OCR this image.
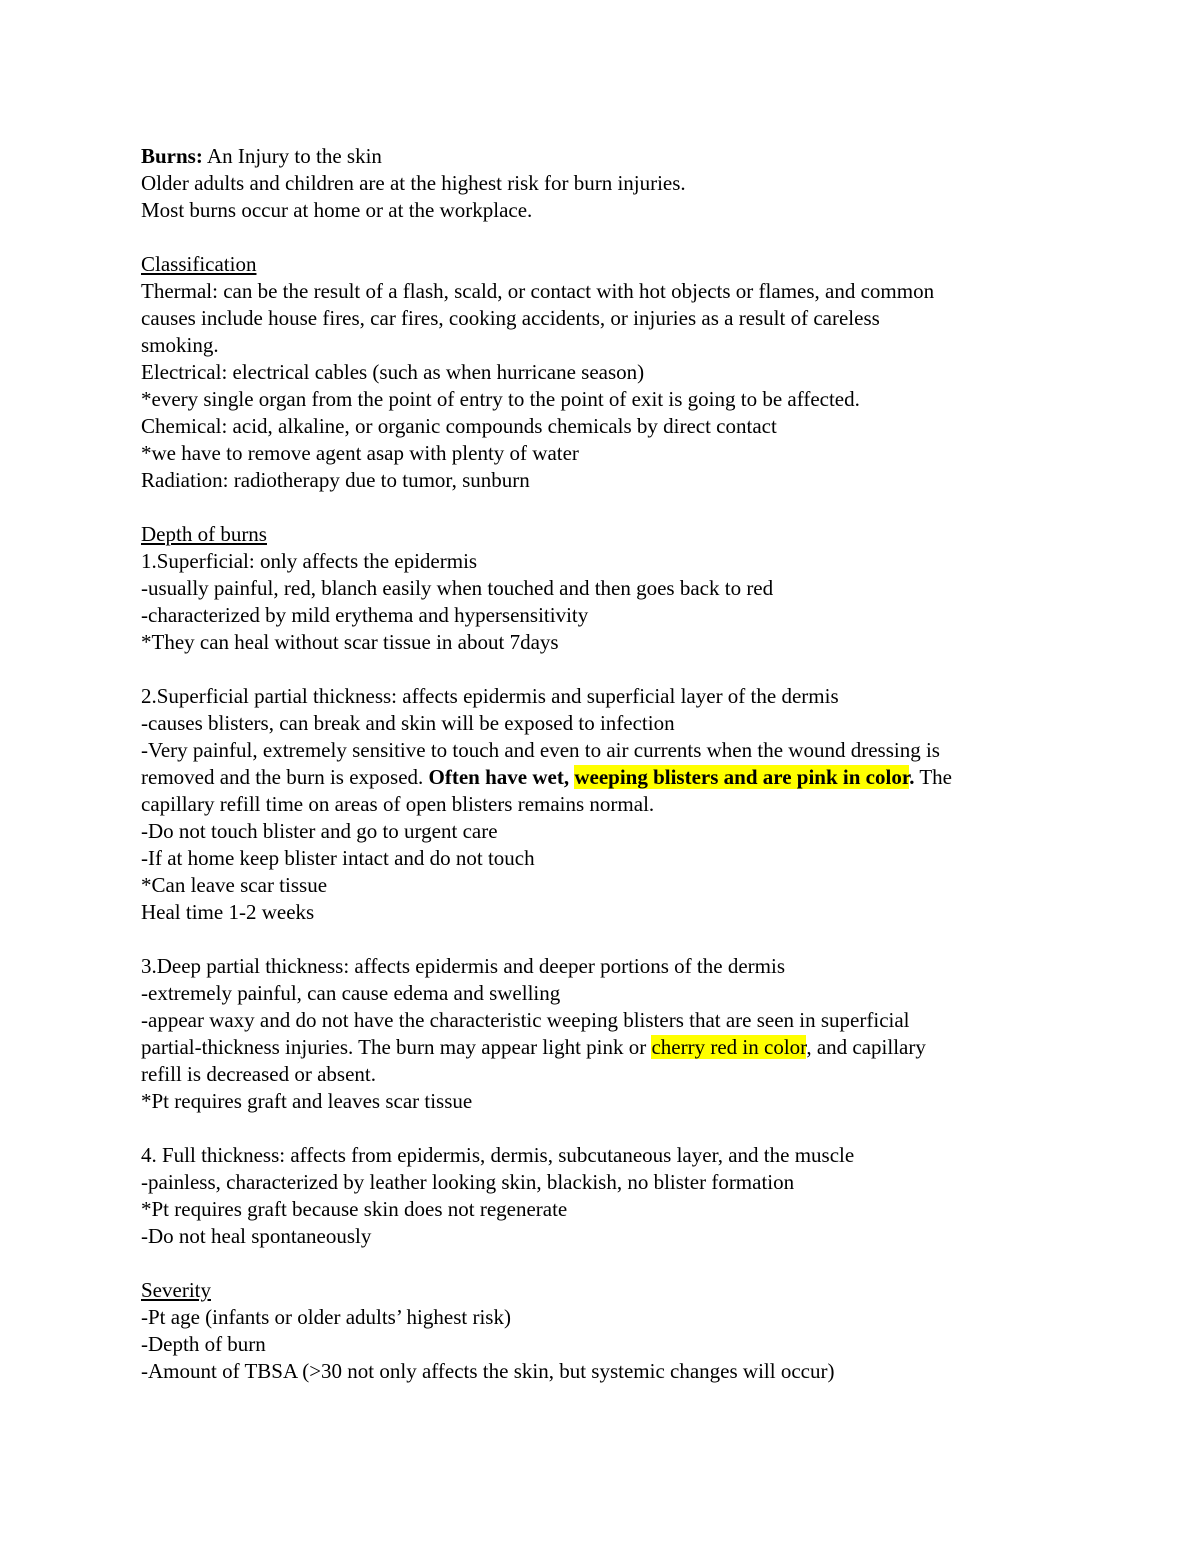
Burns: An Injury to the skin
Older adults and children are at the highest risk for burn injuries.
Most burns occur at home or at the workplace.
Classification
Thermal: can be the result of a flash, scald, or contact with hot objects or flames, and common
causes include house fires, car fires, cooking accidents, or injuries as a result of careless
smoking.
Electrical: electrical cables (such as when hurricane season)
*every single organ from the point of entry to the point of exit is going to be affected.
Chemical: acid, alkaline, or organic compounds chemicals by direct contact
*we have to remove agent asap with plenty of water
Radiation: radiotherapy due to tumor, sunburn
Depth of burns
1.Superficial: only affects the epidermis
-usually painful, red, blanch easily when touched and then goes back to red
-characterized by mild erythema and hypersensitivity
*They can heal without scar tissue in about 7days
2.Superficial partial thickness: affects epidermis and superficial layer of the dermis
-causes blisters, can break and skin will be exposed to infection
-Very painful, extremely sensitive to touch and even to air currents when the wound dressing is
removed and the burn is exposed. Often have wet, weeping blisters and are pink in color. The
capillary refill time on areas of open blisters remains normal.
-Do not touch blister and go to urgent care
-If at home keep blister intact and do not touch
*Can leave scar tissue
Heal time 1-2 weeks
3.Deep partial thickness: affects epidermis and deeper portions of the dermis
-extremely painful, can cause edema and swelling
-appear waxy and do not have the characteristic weeping blisters that are seen in superficial
partial-thickness injuries. The burn may appear light pink or cherry red in color, and capillary
refill is decreased or absent.
*Pt requires graft and leaves scar tissue
4. Full thickness: affects from epidermis, dermis, subcutaneous layer, and the muscle
-painless, characterized by leather looking skin, blackish, no blister formation
*Pt requires graft because skin does not regenerate
-Do not heal spontaneously
Severity
-Pt age (infants or older adults’ highest risk)
-Depth of burn
-Amount of TBSA (>30 not only affects the skin, but systemic changes will occur)
